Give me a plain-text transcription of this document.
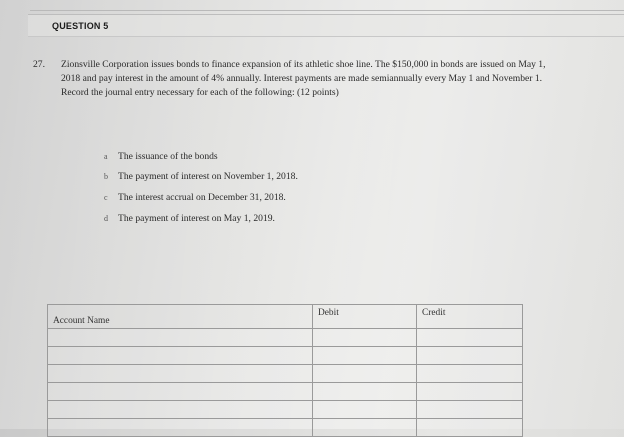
QUESTION 5
27. Zionsville Corporation issues bonds to finance expansion of its athletic shoe line. The $150,000 in bonds are issued on May 1, 2018 and pay interest in the amount of 4% annually. Interest payments are made semiannually every May 1 and November 1. Record the journal entry necessary for each of the following: (12 points)

a The issuance of the bonds
b The payment of interest on November 1, 2018.
c The interest accrual on December 31, 2018.
d The payment of interest on May 1, 2019.
Account Name	Debit	Credit
